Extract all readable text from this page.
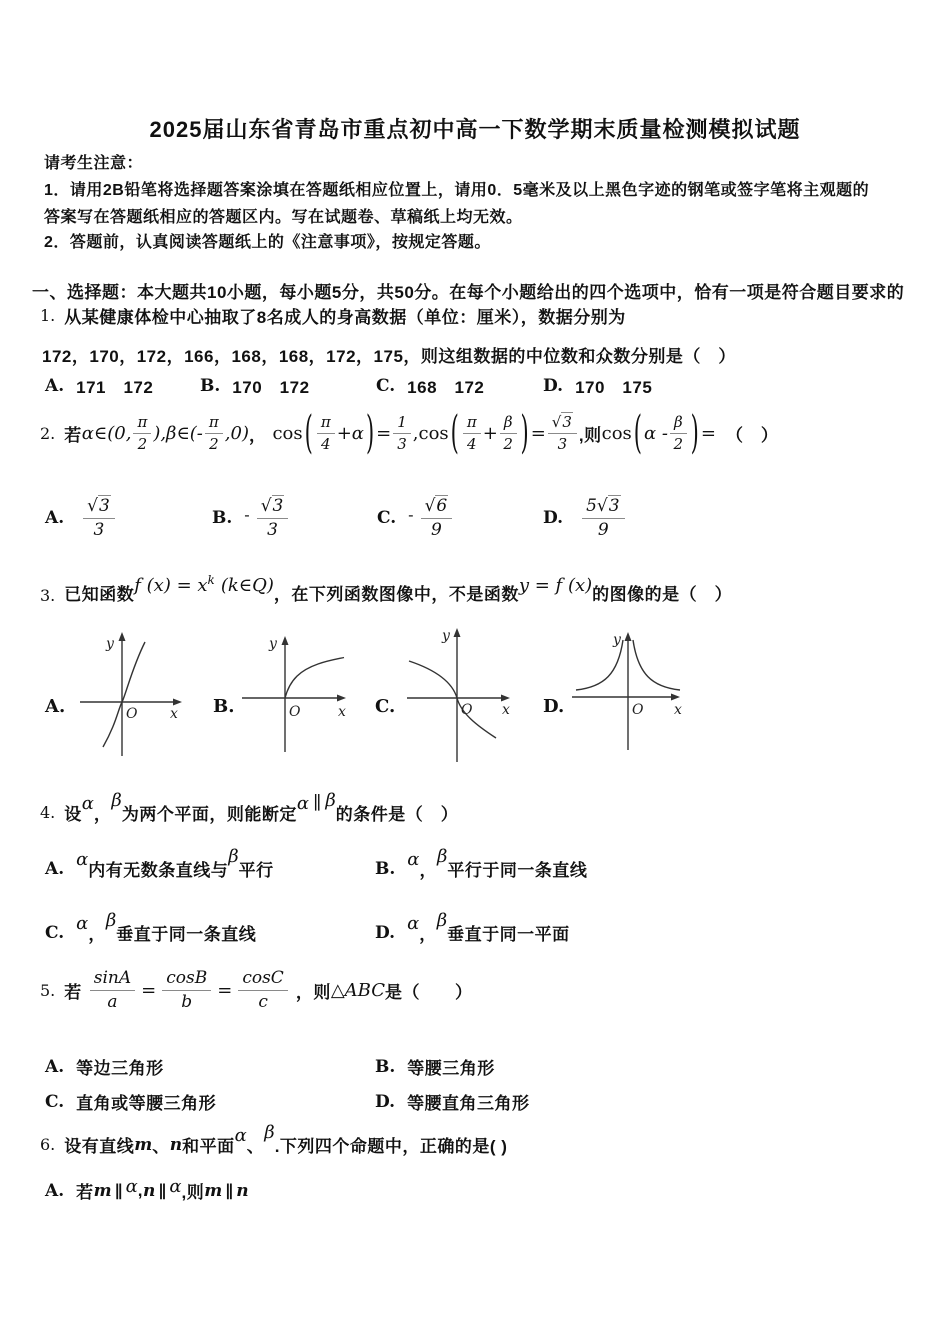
2025届山东省青岛市重点初中高一下数学期末质量检测模拟试题
请考生注意：
1．请用2B铅笔将选择题答案涂填在答题纸相应位置上，请用0．5毫米及以上黑色字迹的钢笔或签字笔将主观题的
答案写在答题纸相应的答题区内。写在试题卷、草稿纸上均无效。
2．答题前，认真阅读答题纸上的《注意事项》，按规定答题。
一、选择题：本大题共10小题，每小题5分，共50分。在每个小题给出的四个选项中，恰有一项是符合题目要求的
1. 从某健康体检中心抽取了8名成人的身高数据（单位：厘米），数据分别为
172，170，172，166，168，168，172，175，则这组数据的中位数和众数分别是（　）
A. 171　172	B. 170　172	C. 168　172	D. 170　175
2. 若 α∈(0, $\frac{\pi}{2}$ ),β∈(- $\frac{\pi}{2} ,0$) ， cos ( $\frac{\pi}{4} +\alpha$ ) = $\frac{1}{3} ,\cos$ ( $\frac{\pi}{4} + \frac{\beta}{2}$ ) = $\frac{√3}{3}$ ,则 cos ( α - $\frac{\beta}{2}$ ) = （　）
A. $\frac{√3}{3}$	B. - $\frac{√3}{3}$	C. - $\frac{√6}{9}$	D. $\frac{5√3}{9}$
3. 已知函数 f $(x) = x^k$ (k∈Q) ，在下列函数图像中，不是函数 y = f (x) 的图像的是（　）
A.
y
x
O	B.
y
x
O	C.
y
x
O	D.
y
x
O
4. 设
α
，
β
为两个平面，则能断定
α ∥ β
的条件是（　）
A. α
内有无数条直线与
β
平行	B. α
，
β
平行于同一条直线
C. α
，
β
垂直于同一条直线	D. α
，
β
垂直于同一平面
5. 若 $\frac{\sin A}{a} = \frac{\cos B}{b} = \frac{\cos C}{c}$ ，则 △ ABC 是（　　）
A. 等边三角形	B. 等腰三角形
C. 直角或等腰三角形	D. 等腰直角三角形
6. 设有直线 m 、 n 和平面
α
、
β
.下列四个命题中，正确的是( )
A. 若 m ∥ α , n ∥ α ,则 m ∥ n
